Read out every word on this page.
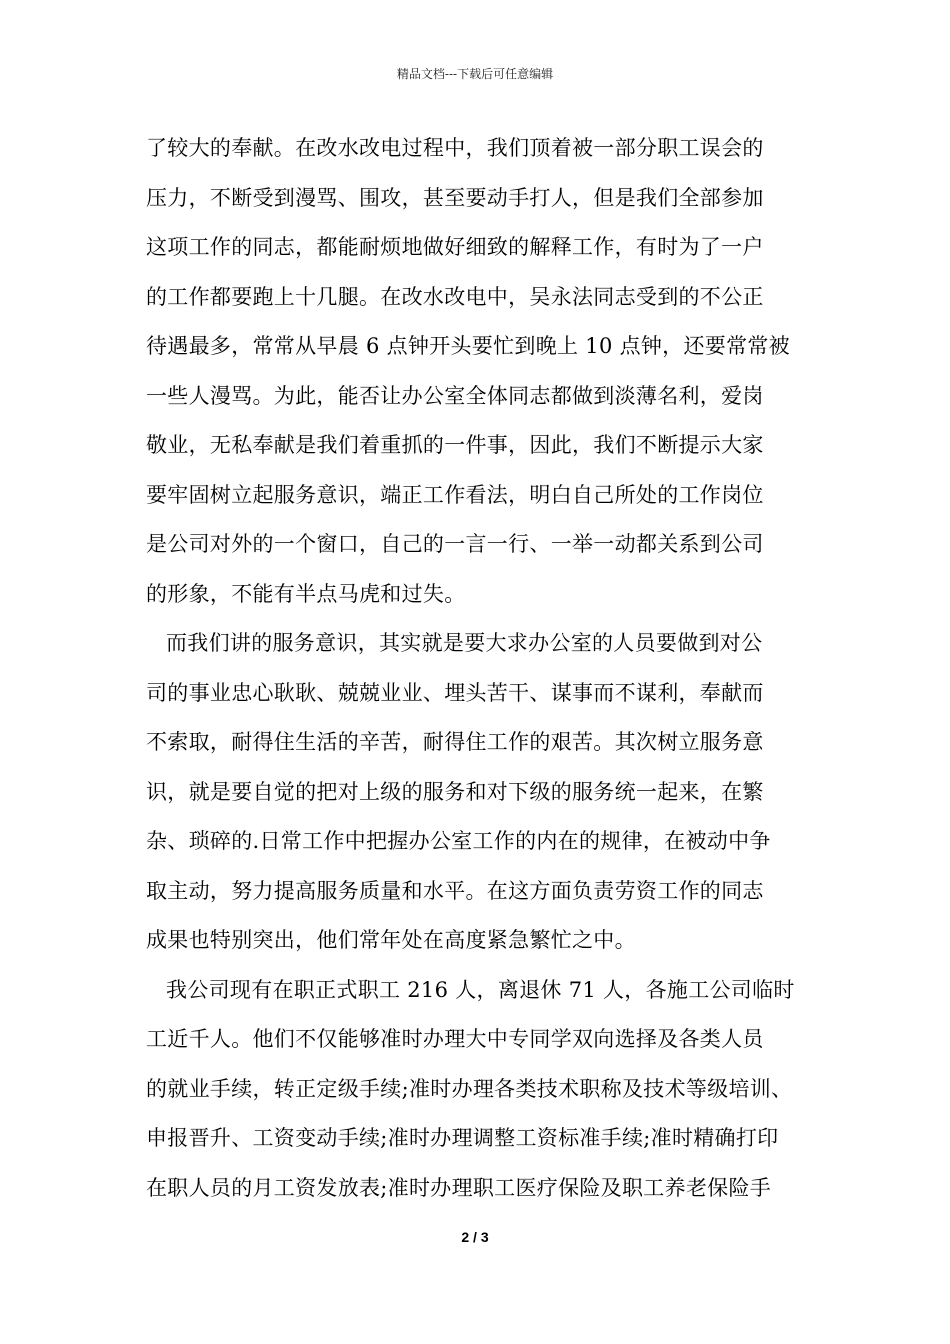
精品文档---下载后可任意编辑
了较大的奉献。在改水改电过程中，我们顶着被一部分职工误会的
压力，不断受到漫骂、围攻，甚至要动手打人，但是我们全部参加
这项工作的同志，都能耐烦地做好细致的解释工作，有时为了一户
的工作都要跑上十几腿。在改水改电中，吴永法同志受到的不公正
待遇最多，常常从早晨 6 点钟开头要忙到晚上 10 点钟，还要常常被
一些人漫骂。为此，能否让办公室全体同志都做到淡薄名利，爱岗
敬业，无私奉献是我们着重抓的一件事，因此，我们不断提示大家
要牢固树立起服务意识，端正工作看法，明白自己所处的工作岗位
是公司对外的一个窗口，自己的一言一行、一举一动都关系到公司
的形象，不能有半点马虎和过失。
而我们讲的服务意识，其实就是要大求办公室的人员要做到对公
司的事业忠心耿耿、兢兢业业、埋头苦干、谋事而不谋利，奉献而
不索取，耐得住生活的辛苦，耐得住工作的艰苦。其次树立服务意
识，就是要自觉的把对上级的服务和对下级的服务统一起来，在繁
杂、琐碎的.日常工作中把握办公室工作的内在的规律，在被动中争
取主动，努力提高服务质量和水平。在这方面负责劳资工作的同志
成果也特别突出，他们常年处在高度紧急繁忙之中。
我公司现有在职正式职工 216 人，离退休 71 人，各施工公司临时
工近千人。他们不仅能够准时办理大中专同学双向选择及各类人员
的就业手续，转正定级手续;准时办理各类技术职称及技术等级培训、
申报晋升、工资变动手续;准时办理调整工资标准手续;准时精确打印
在职人员的月工资发放表;准时办理职工医疗保险及职工养老保险手
2 / 3
